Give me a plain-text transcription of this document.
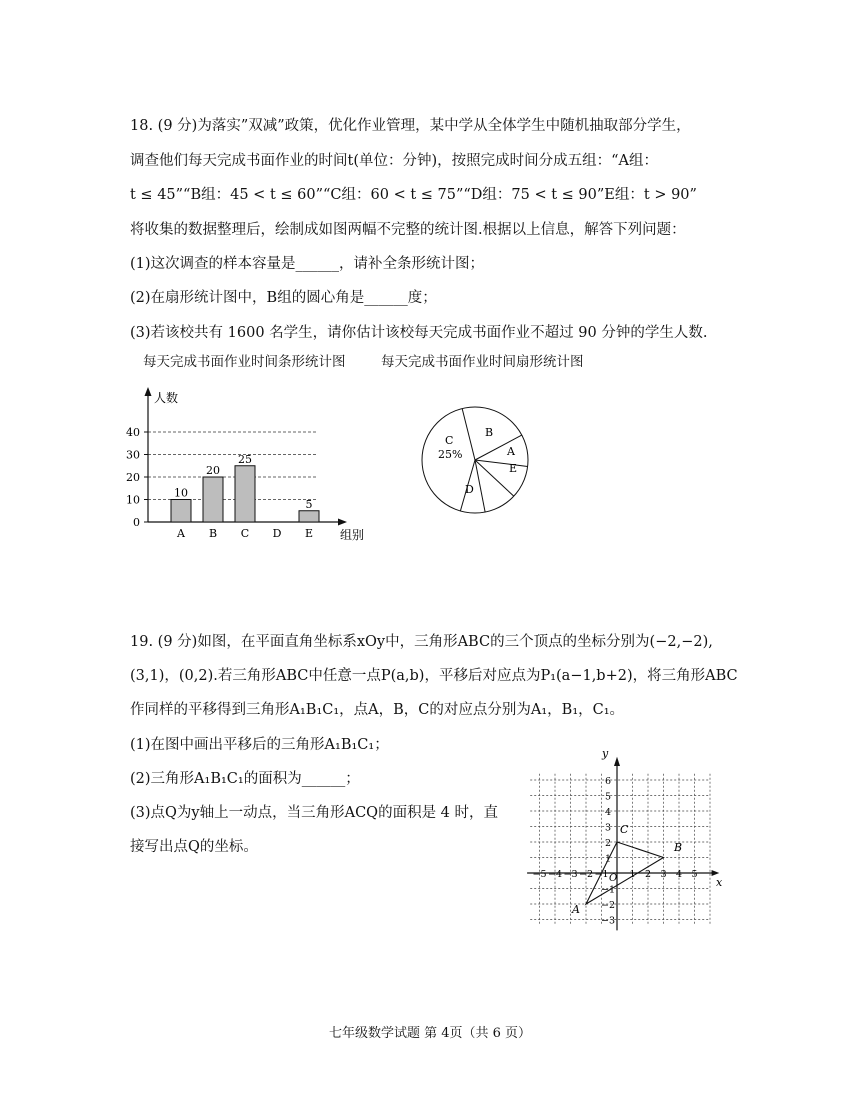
18. (9 分)为落实”双减”政策，优化作业管理，某中学从全体学生中随机抽取部分学生，
调查他们每天完成书面作业的时间t(单位：分钟)，按照完成时间分成五组：“A组：
t ≤ 45”“B组：45 < t ≤ 60”“C组：60 < t ≤ 75”“D组：75 < t ≤ 90”E组：t > 90”
将收集的数据整理后，绘制成如图两幅不完整的统计图.根据以上信息，解答下列问题：
(1)这次调查的样本容量是______，请补全条形统计图；
(2)在扇形统计图中，B组的圆心角是______度；
(3)若该校共有 1600 名学生，请你估计该校每天完成书面作业不超过 90 分钟的学生人数.
每天完成书面作业时间条形统计图	每天完成书面作业时间扇形统计图
人数
组别
0
10
20
30
40
10
20
25
5
A B C D E
B
A
E
D
C
25%
19. (9 分)如图，在平面直角坐标系xOy中，三角形ABC的三个顶点的坐标分别为(−2,−2),
(3,1)，(0,2).若三角形ABC中任意一点P(a,b)，平移后对应点为P₁(a−1,b+2)，将三角形ABC
作同样的平移得到三角形A₁B₁C₁，点A，B，C的对应点分别为A₁，B₁，C₁。
(1)在图中画出平移后的三角形A₁B₁C₁；
(2)三角形A₁B₁C₁的面积为______；
(3)点Q为y轴上一动点，当三角形ACQ的面积是 4 时，直
接写出点Q的坐标。
−5 −4 −3 −2 −1 1 2 3 4 5
6
5
4
3
2
1
−1
−2
−3
x
y
O
A
B
C
七年级数学试题 第 4页（共 6 页）
